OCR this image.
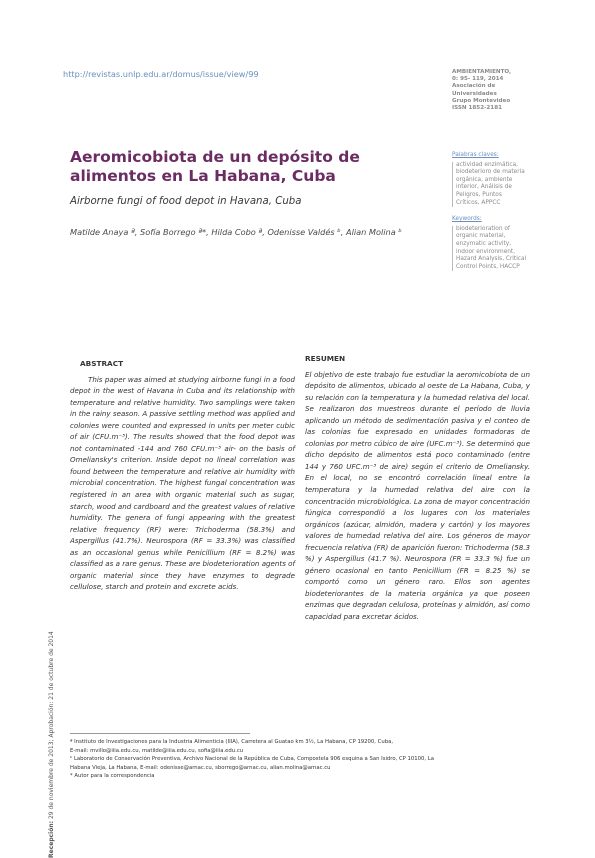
http://revistas.unlp.edu.ar/domus/issue/view/99	AMBIENTAMIENTO,
0: 95- 119, 2014
Asociación de
Universidades
Grupo Montevideo
ISSN 1852-2181
Aeromicobiota de un depósito de alimentos en La Habana, Cuba
Airborne fungi of food depot in Havana, Cuba
Matilde Anaya ª, Sofía Borrego ª*, Hilda Cobo ª, Odenisse Valdés ᵇ, Alian Molina ᵇ
Palabras claves:
actividad enzimática, biodeterioro de materia orgánica, ambiente interior, Análisis de Peligros, Puntos Críticos, APPCC
Keywords:
biodeterioration of organic material, enzymatic activity, indoor environment, Hazard Analysis, Critical Control Points, HACCP
ABSTRACT
This paper was aimed at studying airborne fungi in a food depot in the west of Havana in Cuba and its relationship with temperature and relative humidity. Two samplings were taken in the rainy season. A passive settling method was applied and colonies were counted and expressed in units per meter cubic of air (CFU.m⁻³). The results showed that the food depot was not contaminated -144 and 760 CFU.m⁻³ air- on the basis of Omeliansky's criterion. Inside depot no lineal correlation was found between the temperature and relative air humidity with microbial concentration. The highest fungal concentration was registered in an area with organic material such as sugar, starch, wood and cardboard and the greatest values of relative humidity. The genera of fungi appearing with the greatest relative frequency (RF) were: Trichoderma (58.3%) and Aspergillus (41.7%). Neurospora (RF = 33.3%) was classified as an occasional genus while Penicillium (RF = 8.2%) was classified as a rare genus. These are biodeterioration agents of organic material since they have enzymes to degrade cellulose, starch and protein and excrete acids.
RESUMEN
El objetivo de este trabajo fue estudiar la aeromicobiota de un depósito de alimentos, ubicado al oeste de La Habana, Cuba, y su relación con la temperatura y la humedad relativa del local. Se realizaron dos muestreos durante el período de lluvia aplicando un método de sedimentación pasiva y el conteo de las colonias fue expresado en unidades formadoras de colonias por metro cúbico de aire (UFC.m⁻³). Se determinó que dicho depósito de alimentos está poco contaminado (entre 144 y 760 UFC.m⁻³ de aire) según el criterio de Omeliansky. En el local, no se encontró correlación lineal entre la temperatura y la humedad relativa del aire con la concentración microbiológica. La zona de mayor concentración fúngica correspondió a los lugares con los materiales orgánicos (azúcar, almidón, madera y cartón) y los mayores valores de humedad relativa del aire. Los géneros de mayor frecuencia relativa (FR) de aparición fueron: Trichoderma (58.3 %) y Aspergillus (41.7 %). Neurospora (FR = 33.3 %) fue un género ocasional en tanto Penicillium (FR = 8.25 %) se comportó como un género raro. Ellos son agentes biodeteriorantes de la materia orgánica ya que poseen enzimas que degradan celulosa, proteínas y almidón, así como capacidad para excretar ácidos.
Recepción: 29 de noviembre de 2013; Aprobación: 21 de octubre de 2014	ª Instituto de Investigaciones para la Industria Alimenticia (IIIA), Carretera al Guatao km 3½, La Habana, CP 19200, Cuba,
E-mail: mvillo@iiia.edu.cu, matilde@iiia.edu.cu, sofia@iiia.edu.cu
ᵇ Laboratorio de Conservación Preventiva, Archivo Nacional de la República de Cuba, Compostela 906 esquina a San Isidro, CP 10100, La
Habana Vieja, La Habana, E-mail: odenisse@arnac.cu, sborrego@arnac.cu, alian.molina@arnac.cu
* Autor para la correspondencia
